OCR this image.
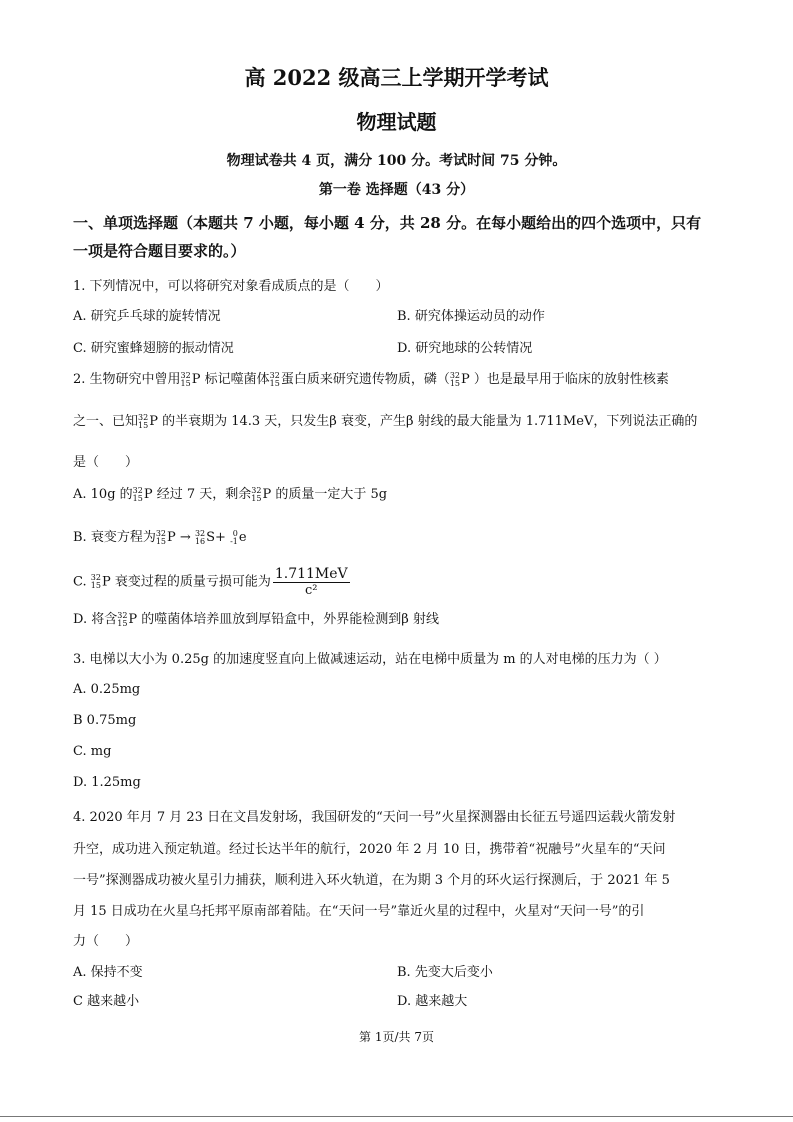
高 2022 级高三上学期开学考试
物理试题
物理试卷共 4 页，满分 100 分。考试时间 75 分钟。
第一卷 选择题（43 分）
一、单项选择题（本题共 7 小题，每小题 4 分，共 28 分。在每小题给出的四个选项中，只有
一项是符合题目要求的。）
1. 下列情况中，可以将研究对象看成质点的是（　　）
A. 研究乒乓球的旋转情况	B. 研究体操运动员的动作
C. 研究蜜蜂翅膀的振动情况	D. 研究地球的公转情况
2. 生物研究中曾用 32
15 P 标记噬菌体 32
15 蛋白质来研究遗传物质，磷（ 32
15 P ）也是最早用于临床的放射性核素
之一、已知 32
15 P 的半衰期为 14.3 天，只发生β 衰变，产生β 射线的最大能量为 1.711MeV，下列说法正确的
是（　　）
A. 10g 的 32
15 P 经过 7 天，剩余 32
15 P 的质量一定大于 5g
B. 衰变方程为 32
15 P → 32
16 S+ 0
-1 e
C. 32
15 P 衰变过程的质量亏损可能为 $\frac{\text{1.711MeV}}{\text{c²}}$
D. 将含 32
15 P 的噬菌体培养皿放到厚铅盒中，外界能检测到β 射线
3. 电梯以大小为 0.25g 的加速度竖直向上做减速运动，站在电梯中质量为 m 的人对电梯的压力为（ ）
A. 0.25mg
B 0.75mg
C. mg
D. 1.25mg
4. 2020 年月 7 月 23 日在文昌发射场，我国研发的“天问一号”火星探测器由长征五号遥四运载火箭发射
升空，成功进入预定轨道。经过长达半年的航行，2020 年 2 月 10 日，携带着“祝融号”火星车的“天问
一号”探测器成功被火星引力捕获，顺利进入环火轨道，在为期 3 个月的环火运行探测后，于 2021 年 5
月 15 日成功在火星乌托邦平原南部着陆。在“天问一号”靠近火星的过程中，火星对“天问一号”的引
力（　　）
A. 保持不变	B. 先变大后变小
C 越来越小	D. 越来越大
第 1页/共 7页
